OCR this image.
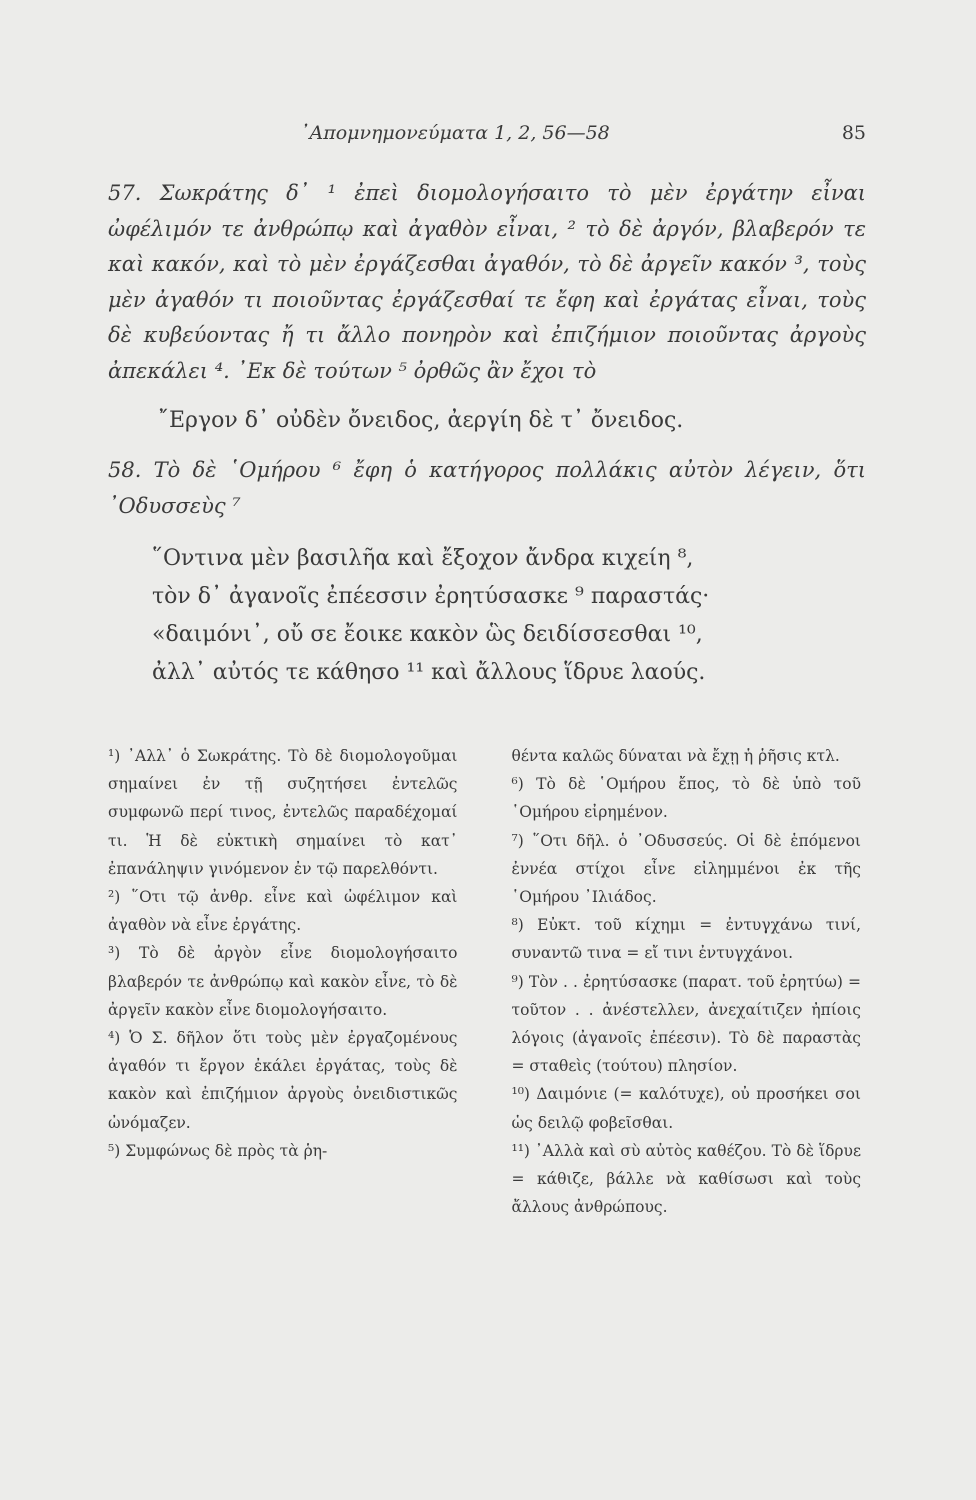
᾿Απομνημονεύματα 1, 2, 56—58	85

57. Σωκράτης δ᾿ ¹ ἐπεὶ διομολογήσαιτο τὸ μὲν ἐργάτην εἶναι ὠφέλιμόν τε ἀνθρώπῳ καὶ ἀγαθὸν εἶναι, ² τὸ δὲ ἀργόν, βλαβερόν τε καὶ κακόν, καὶ τὸ μὲν ἐργάζεσθαι ἀγαθόν, τὸ δὲ ἀργεῖν κακόν ³, τοὺς μὲν ἀγαθόν τι ποιοῦντας ἐργάζεσθαί τε ἔφη καὶ ἐργάτας εἶναι, τοὺς δὲ κυβεύοντας ἤ τι ἄλλο πονηρὸν καὶ ἐπιζήμιον ποιοῦντας ἀργοὺς ἀπεκάλει ⁴. ᾿Εκ δὲ τούτων ⁵ ὀρθῶς ἂν ἔχοι τὸ

῎Εργον δ᾿ οὐδὲν ὄνειδος, ἀεργίη δὲ τ᾿ ὄνειδος.

58. Τὸ δὲ ῾Ομήρου ⁶ ἔφη ὁ κατήγορος πολλάκις αὐτὸν λέγειν, ὅτι ᾿Οδυσσεὺς ⁷

῞Οντινα μὲν βασιλῆα καὶ ἔξοχον ἄνδρα κιχείη ⁸,
τὸν δ᾿ ἀγανοῖς ἐπέεσσιν ἐρητύσασκε ⁹ παραστάς·
«δαιμόνι᾿, οὔ σε ἔοικε κακὸν ὣς δειδίσσεσθαι ¹⁰,
ἀλλ᾿ αὐτός τε κάθησο ¹¹ καὶ ἄλλους ἵδρυε λαούς.

¹) ᾿Αλλ᾿ ὁ Σωκράτης. Τὸ δὲ διομολογοῦμαι σημαίνει ἐν τῇ συζητήσει ἐντελῶς συμφωνῶ περί τινος, ἐντελῶς παραδέχομαί τι. Ἡ δὲ εὐκτικὴ σημαίνει τὸ κατ᾿ ἐπανάληψιν γινόμενον ἐν τῷ παρελθόντι.

²) ῞Οτι τῷ ἀνθρ. εἶνε καὶ ὠφέλιμον καὶ ἀγαθὸν νὰ εἶνε ἐργάτης.

³) Τὸ δὲ ἀργὸν εἶνε διομολογήσαιτο βλαβερόν τε ἀνθρώπῳ καὶ κακὸν εἶνε, τὸ δὲ ἀργεῖν κακὸν εἶνε διομολογήσαιτο.

⁴) Ὁ Σ. δῆλον ὅτι τοὺς μὲν ἐργαζομένους ἀγαθόν τι ἔργον ἐκάλει ἐργάτας, τοὺς δὲ κακὸν καὶ ἐπιζήμιον ἀργοὺς ὀνειδιστικῶς ὠνόμαζεν.

⁵) Συμφώνως δὲ πρὸς τὰ ῥη-

θέντα καλῶς δύναται νὰ ἔχῃ ἡ ῥῆσις κτλ.

⁶) Τὸ δὲ ῾Ομήρου ἔπος, τὸ δὲ ὑπὸ τοῦ ῾Ομήρου εἰρημένον.

⁷) ῞Οτι δῆλ. ὁ ᾿Οδυσσεύς. Οἱ δὲ ἑπόμενοι ἐννέα στίχοι εἶνε εἰλημμένοι ἐκ τῆς ῾Ομήρου ᾿Ιλιάδος.

⁸) Εὐκτ. τοῦ κίχημι = ἐντυγχάνω τινί, συναντῶ τινα = εἴ τινι ἐντυγχάνοι.

⁹) Τὸν . . ἐρητύσασκε (παρατ. τοῦ ἐρητύω) = τοῦτον . . ἀνέστελλεν, ἀνεχαίτιζεν ἠπίοις λόγοις (ἀγανοῖς ἐπέεσιν). Τὸ δὲ παραστὰς = σταθεὶς (τούτου) πλησίον.

¹⁰) Δαιμόνιε (= καλότυχε), οὐ προσήκει σοι ὡς δειλῷ φοβεῖσθαι.

¹¹) ᾿Αλλὰ καὶ σὺ αὐτὸς καθέζου. Τὸ δὲ ἵδρυε = κάθιζε, βάλλε νὰ καθίσωσι καὶ τοὺς ἄλλους ἀνθρώπους.
